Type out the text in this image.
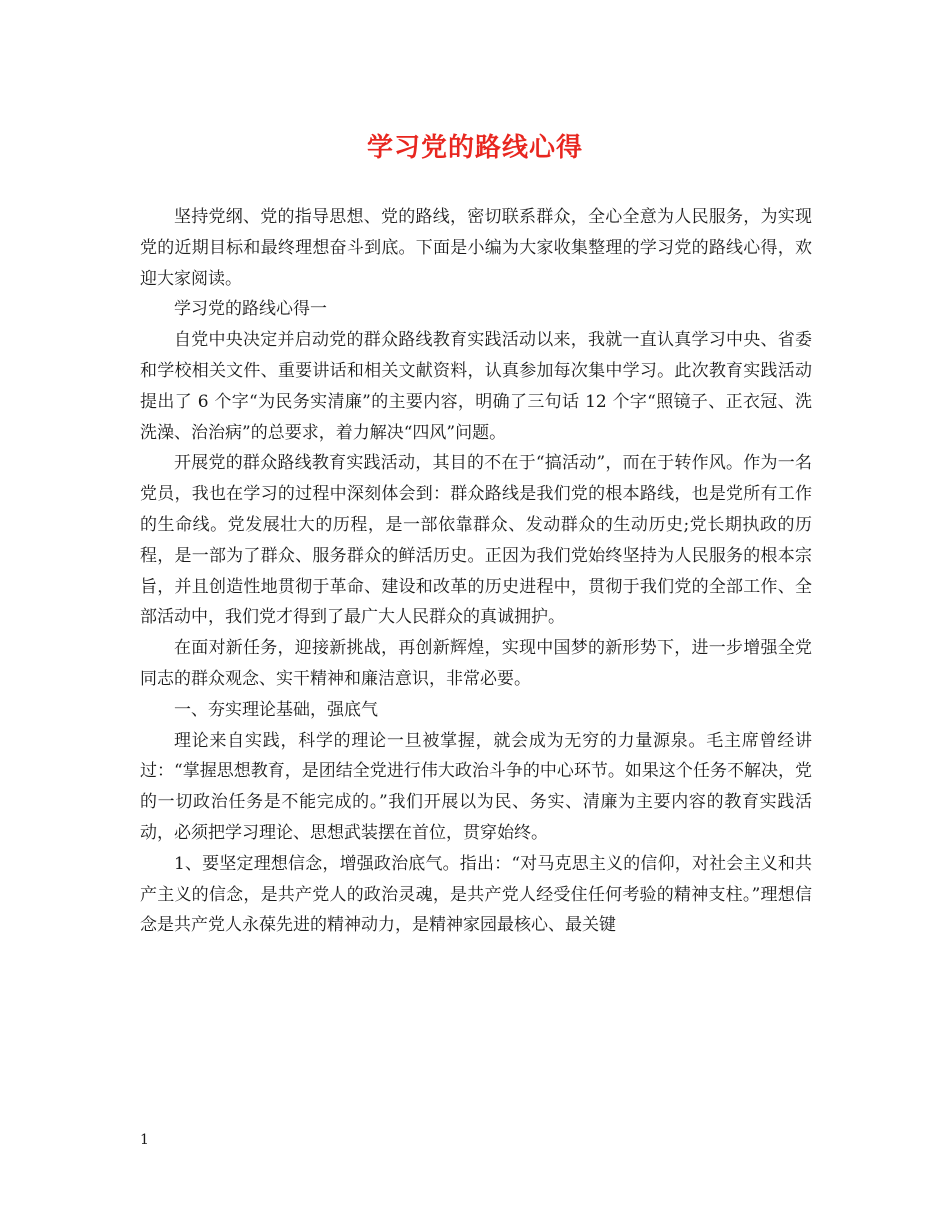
学习党的路线心得

坚持党纲、党的指导思想、党的路线，密切联系群众，全心全意为人民服务，为实现党的近期目标和最终理想奋斗到底。下面是小编为大家收集整理的学习党的路线心得，欢迎大家阅读。

学习党的路线心得一

自党中央决定并启动党的群众路线教育实践活动以来，我就一直认真学习中央、省委和学校相关文件、重要讲话和相关文献资料，认真参加每次集中学习。此次教育实践活动提出了 6 个字“为民务实清廉”的主要内容，明确了三句话 12 个字“照镜子、正衣冠、洗洗澡、治治病”的总要求，着力解决“四风”问题。

开展党的群众路线教育实践活动，其目的不在于“搞活动”，而在于转作风。作为一名党员，我也在学习的过程中深刻体会到：群众路线是我们党的根本路线，也是党所有工作的生命线。党发展壮大的历程，是一部依靠群众、发动群众的生动历史;党长期执政的历程，是一部为了群众、服务群众的鲜活历史。正因为我们党始终坚持为人民服务的根本宗旨，并且创造性地贯彻于革命、建设和改革的历史进程中，贯彻于我们党的全部工作、全部活动中，我们党才得到了最广大人民群众的真诚拥护。

在面对新任务，迎接新挑战，再创新辉煌，实现中国梦的新形势下，进一步增强全党同志的群众观念、实干精神和廉洁意识，非常必要。

一、夯实理论基础，强底气

理论来自实践，科学的理论一旦被掌握，就会成为无穷的力量源泉。毛主席曾经讲过：“掌握思想教育，是团结全党进行伟大政治斗争的中心环节。如果这个任务不解决，党的一切政治任务是不能完成的。”我们开展以为民、务实、清廉为主要内容的教育实践活动，必须把学习理论、思想武装摆在首位，贯穿始终。

1、要坚定理想信念，增强政治底气。指出：“对马克思主义的信仰，对社会主义和共产主义的信念，是共产党人的政治灵魂，是共产党人经受住任何考验的精神支柱。”理想信念是共产党人永葆先进的精神动力，是精神家园最核心、最关键

1
